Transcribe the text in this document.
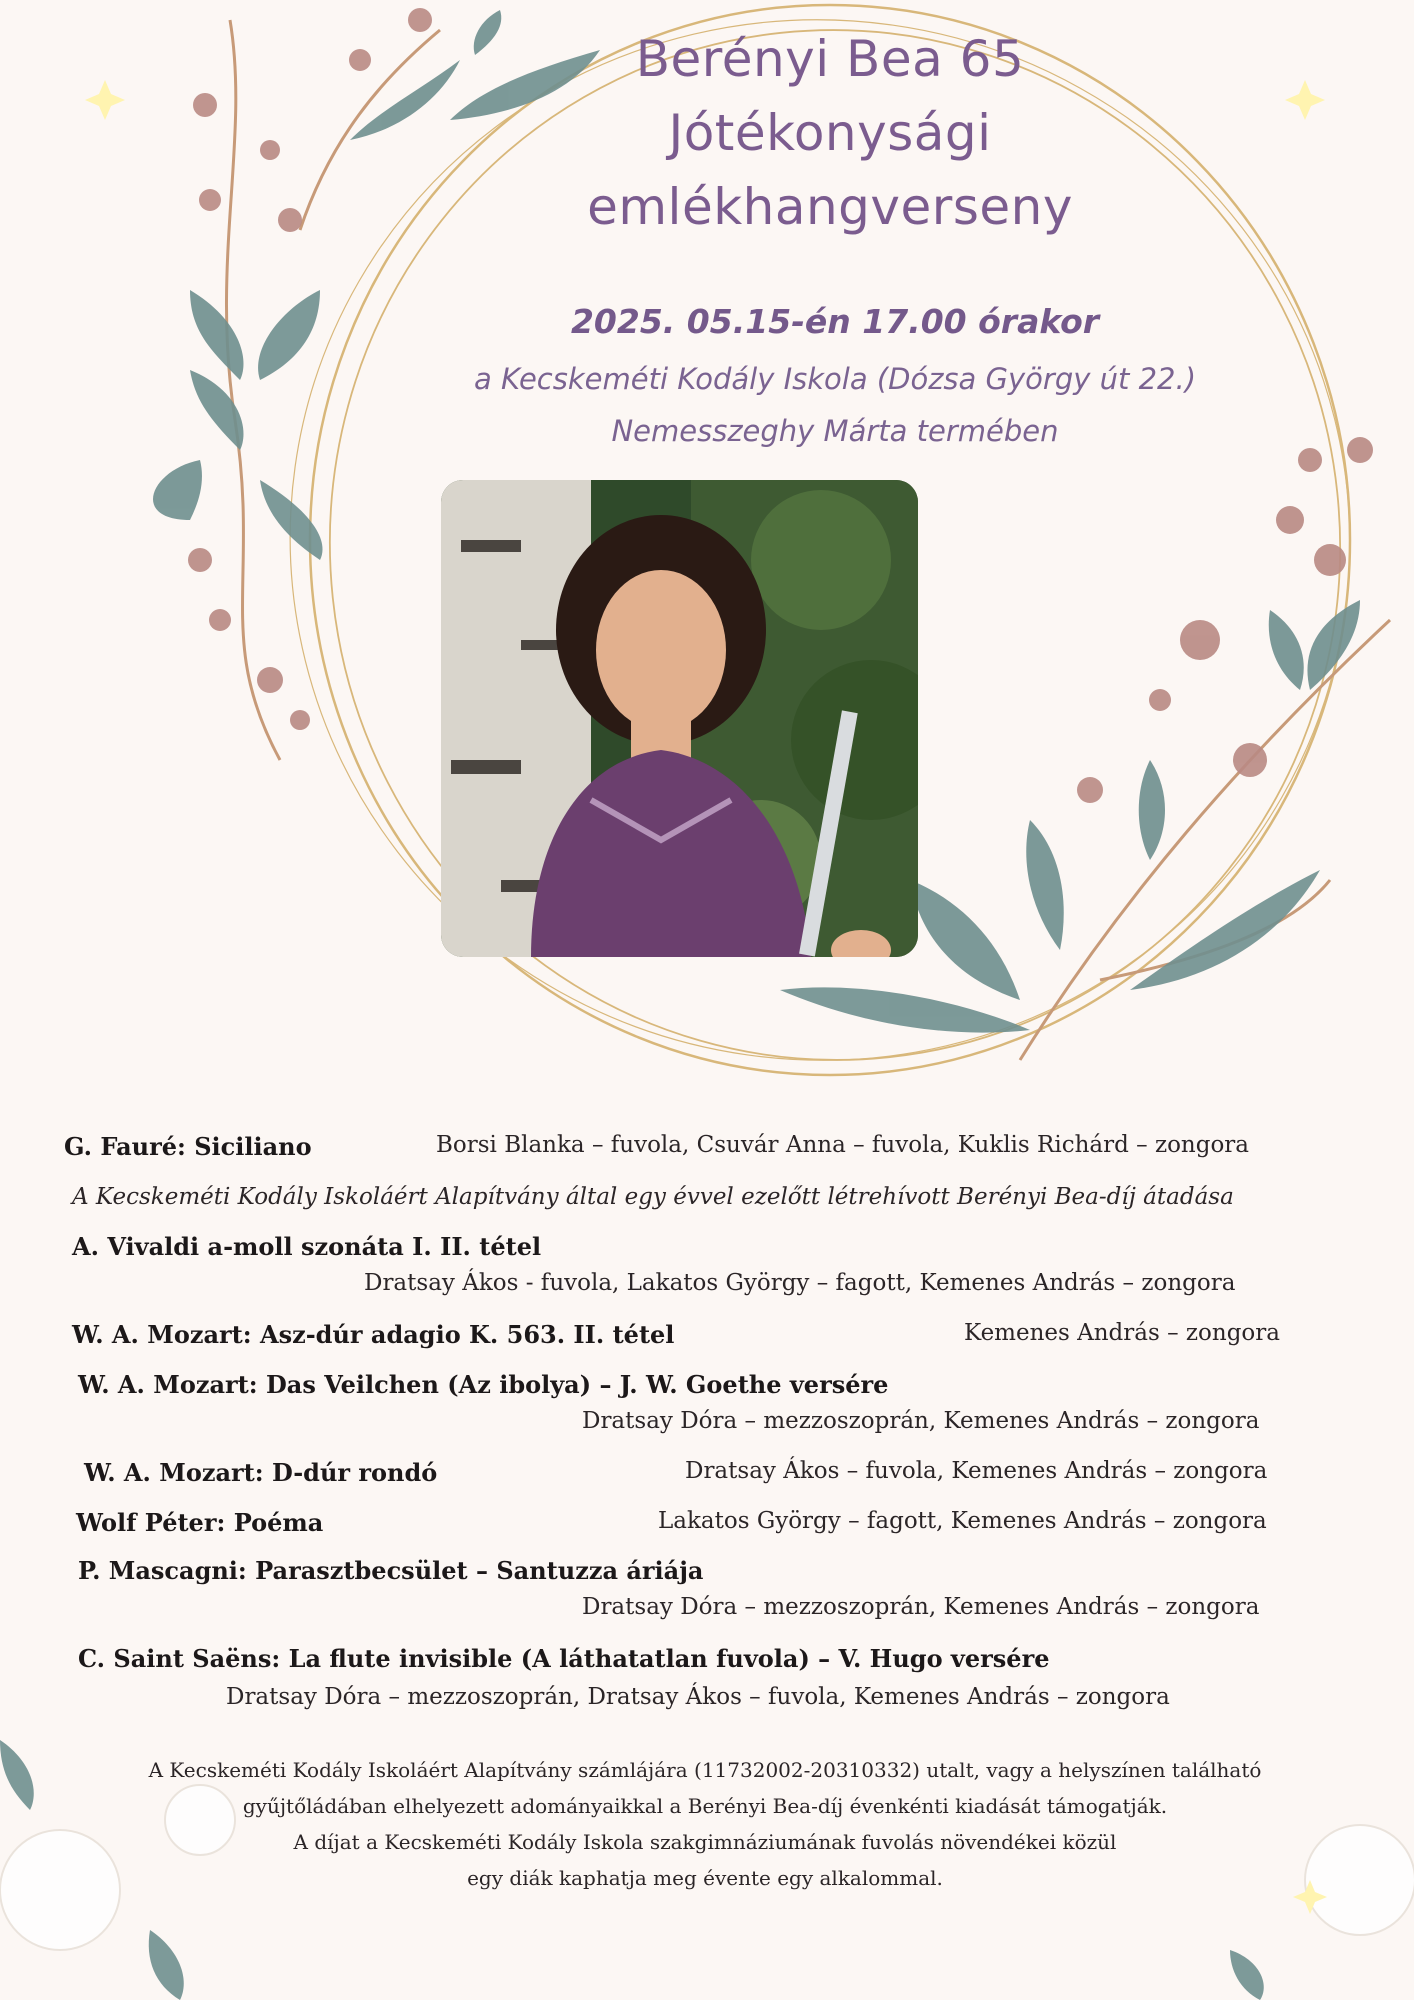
Berényi Bea 65
Jótékonysági
emlékhangverseny
2025. 05.15-én 17.00 órakor
a Kecskeméti Kodály Iskola (Dózsa György út 22.)
Nemesszeghy Márta termében
G. Fauré: Siciliano	Borsi Blanka – fuvola, Csuvár Anna – fuvola, Kuklis Richárd – zongora
A Kecskeméti Kodály Iskoláért Alapítvány által egy évvel ezelőtt létrehívott Berényi Bea-díj átadása
A. Vivaldi a-moll szonáta I. II. tétel
Dratsay Ákos - fuvola, Lakatos György – fagott, Kemenes András – zongora
W. A. Mozart: Asz-dúr adagio K. 563. II. tétel	Kemenes András – zongora
W. A. Mozart: Das Veilchen (Az ibolya) – J. W. Goethe versére
Dratsay Dóra – mezzoszoprán, Kemenes András – zongora
W. A. Mozart: D-dúr rondó	Dratsay Ákos – fuvola, Kemenes András – zongora
Wolf Péter: Poéma	Lakatos György – fagott, Kemenes András – zongora
P. Mascagni: Parasztbecsület – Santuzza áriája
Dratsay Dóra – mezzoszoprán, Kemenes András – zongora
C. Saint Saëns: La flute invisible (A láthatatlan fuvola) – V. Hugo versére
Dratsay Dóra – mezzoszoprán, Dratsay Ákos – fuvola, Kemenes András – zongora
A Kecskeméti Kodály Iskoláért Alapítvány számlájára (11732002-20310332) utalt, vagy a helyszínen található
gyűjtőládában elhelyezett adományaikkal a Berényi Bea-díj évenkénti kiadását támogatják.
A díjat a Kecskeméti Kodály Iskola szakgimnáziumának fuvolás növendékei közül
egy diák kaphatja meg évente egy alkalommal.
